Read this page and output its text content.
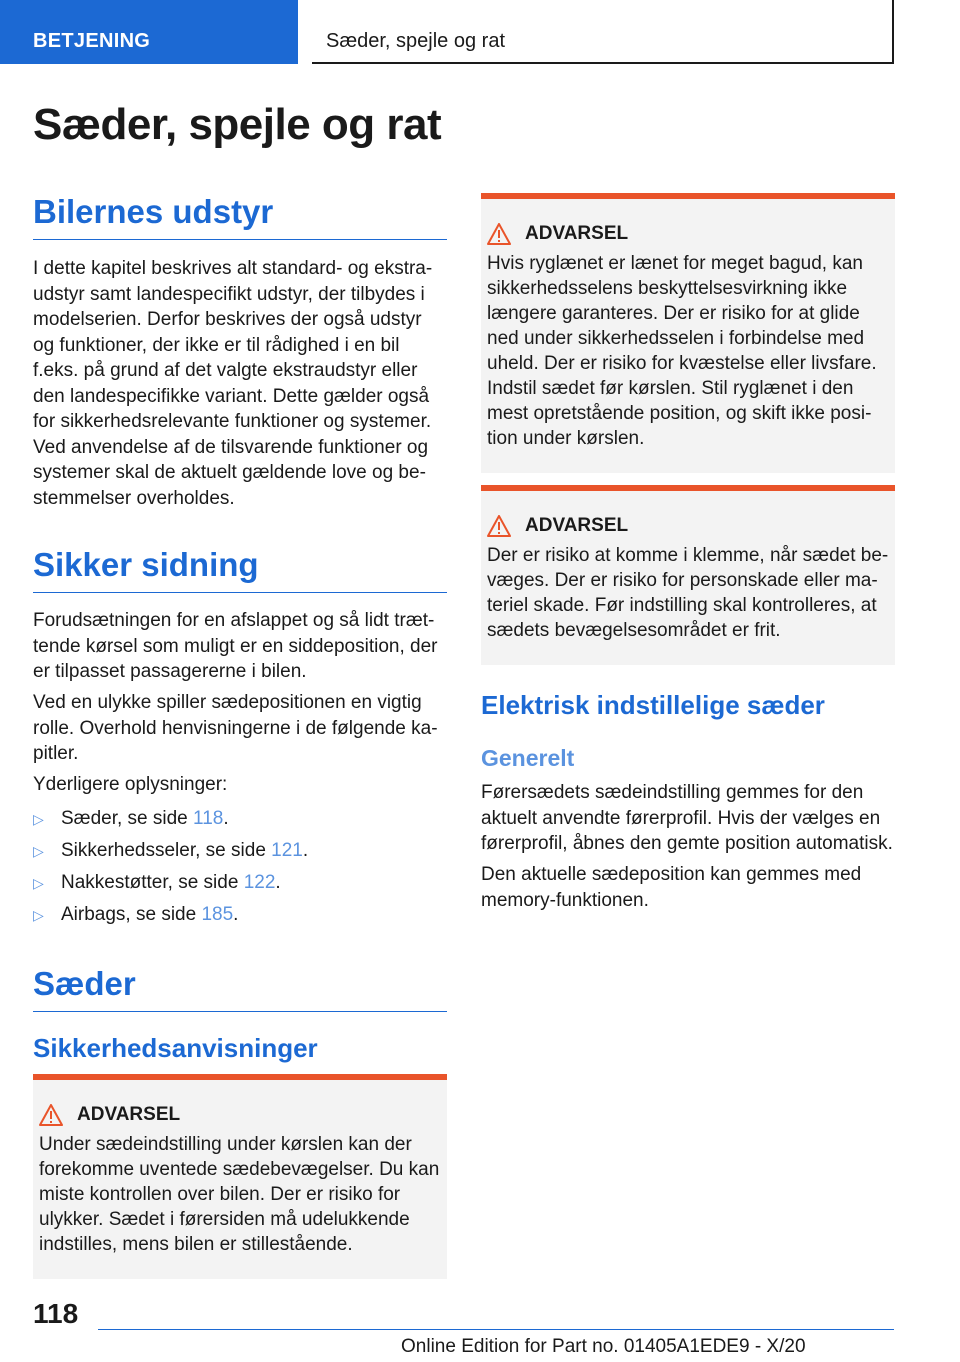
BETJENING	Sæder, spejle og rat
Sæder, spejle og rat
Bilernes udstyr

I dette kapitel beskrives alt standard- og ekstraudstyr samt landespecifikt udstyr, der tilbydes i modelserien. Derfor beskrives der også udstyr og funktioner, der ikke er til rådighed i en bil f.eks. på grund af det valgte ekstraudstyr eller den landespecifikke variant. Dette gælder også for sikkerhedsrelevante funktioner og systemer. Ved anvendelse af de tilsvarende funktioner og systemer skal de aktuelt gældende love og bestemmelser overholdes.

Sikker sidning

Forudsætningen for en afslappet og så lidt trættende kørsel som muligt er en siddeposition, der er tilpasset passagererne i bilen.

Ved en ulykke spiller sædepositionen en vigtig rolle. Overhold henvisningerne i de følgende kapitler.

Yderligere oplysninger:

▷ Sæder, se side 118.
▷ Sikkerhedsseler, se side 121.
▷ Nakkestøtter, se side 122.
▷ Airbags, se side 185.
Sæder
Sikkerhedsanvisninger
ADVARSEL
Under sædeindstilling under kørslen kan der forekomme uventede sædebevægelser. Du kan miste kontrollen over bilen. Der er risiko for ulykker. Sædet i førersiden må udelukkende indstilles, mens bilen er stillestående.
ADVARSEL
Hvis ryglænet er lænet for meget bagud, kan sikkerhedsselens beskyttelsesvirkning ikke længere garanteres. Der er risiko for at glide ned under sikkerhedsselen i forbindelse med uheld. Der er risiko for kvæstelse eller livsfare. Indstil sædet før kørslen. Stil ryglænet i den mest opretstående position, og skift ikke position under kørslen.
ADVARSEL
Der er risiko at komme i klemme, når sædet bevæges. Der er risiko for personskade eller materiel skade. Før indstilling skal kontrolleres, at sædets bevægelsesområdet er frit.
Elektrisk indstillelige sæder
Generelt

Førersædets sædeindstilling gemmes for den aktuelt anvendte førerprofil. Hvis der vælges en førerprofil, åbnes den gemte position automatisk.

Den aktuelle sædeposition kan gemmes med memory-funktionen.

118
Online Edition for Part no. 01405A1EDE9 - X/20
